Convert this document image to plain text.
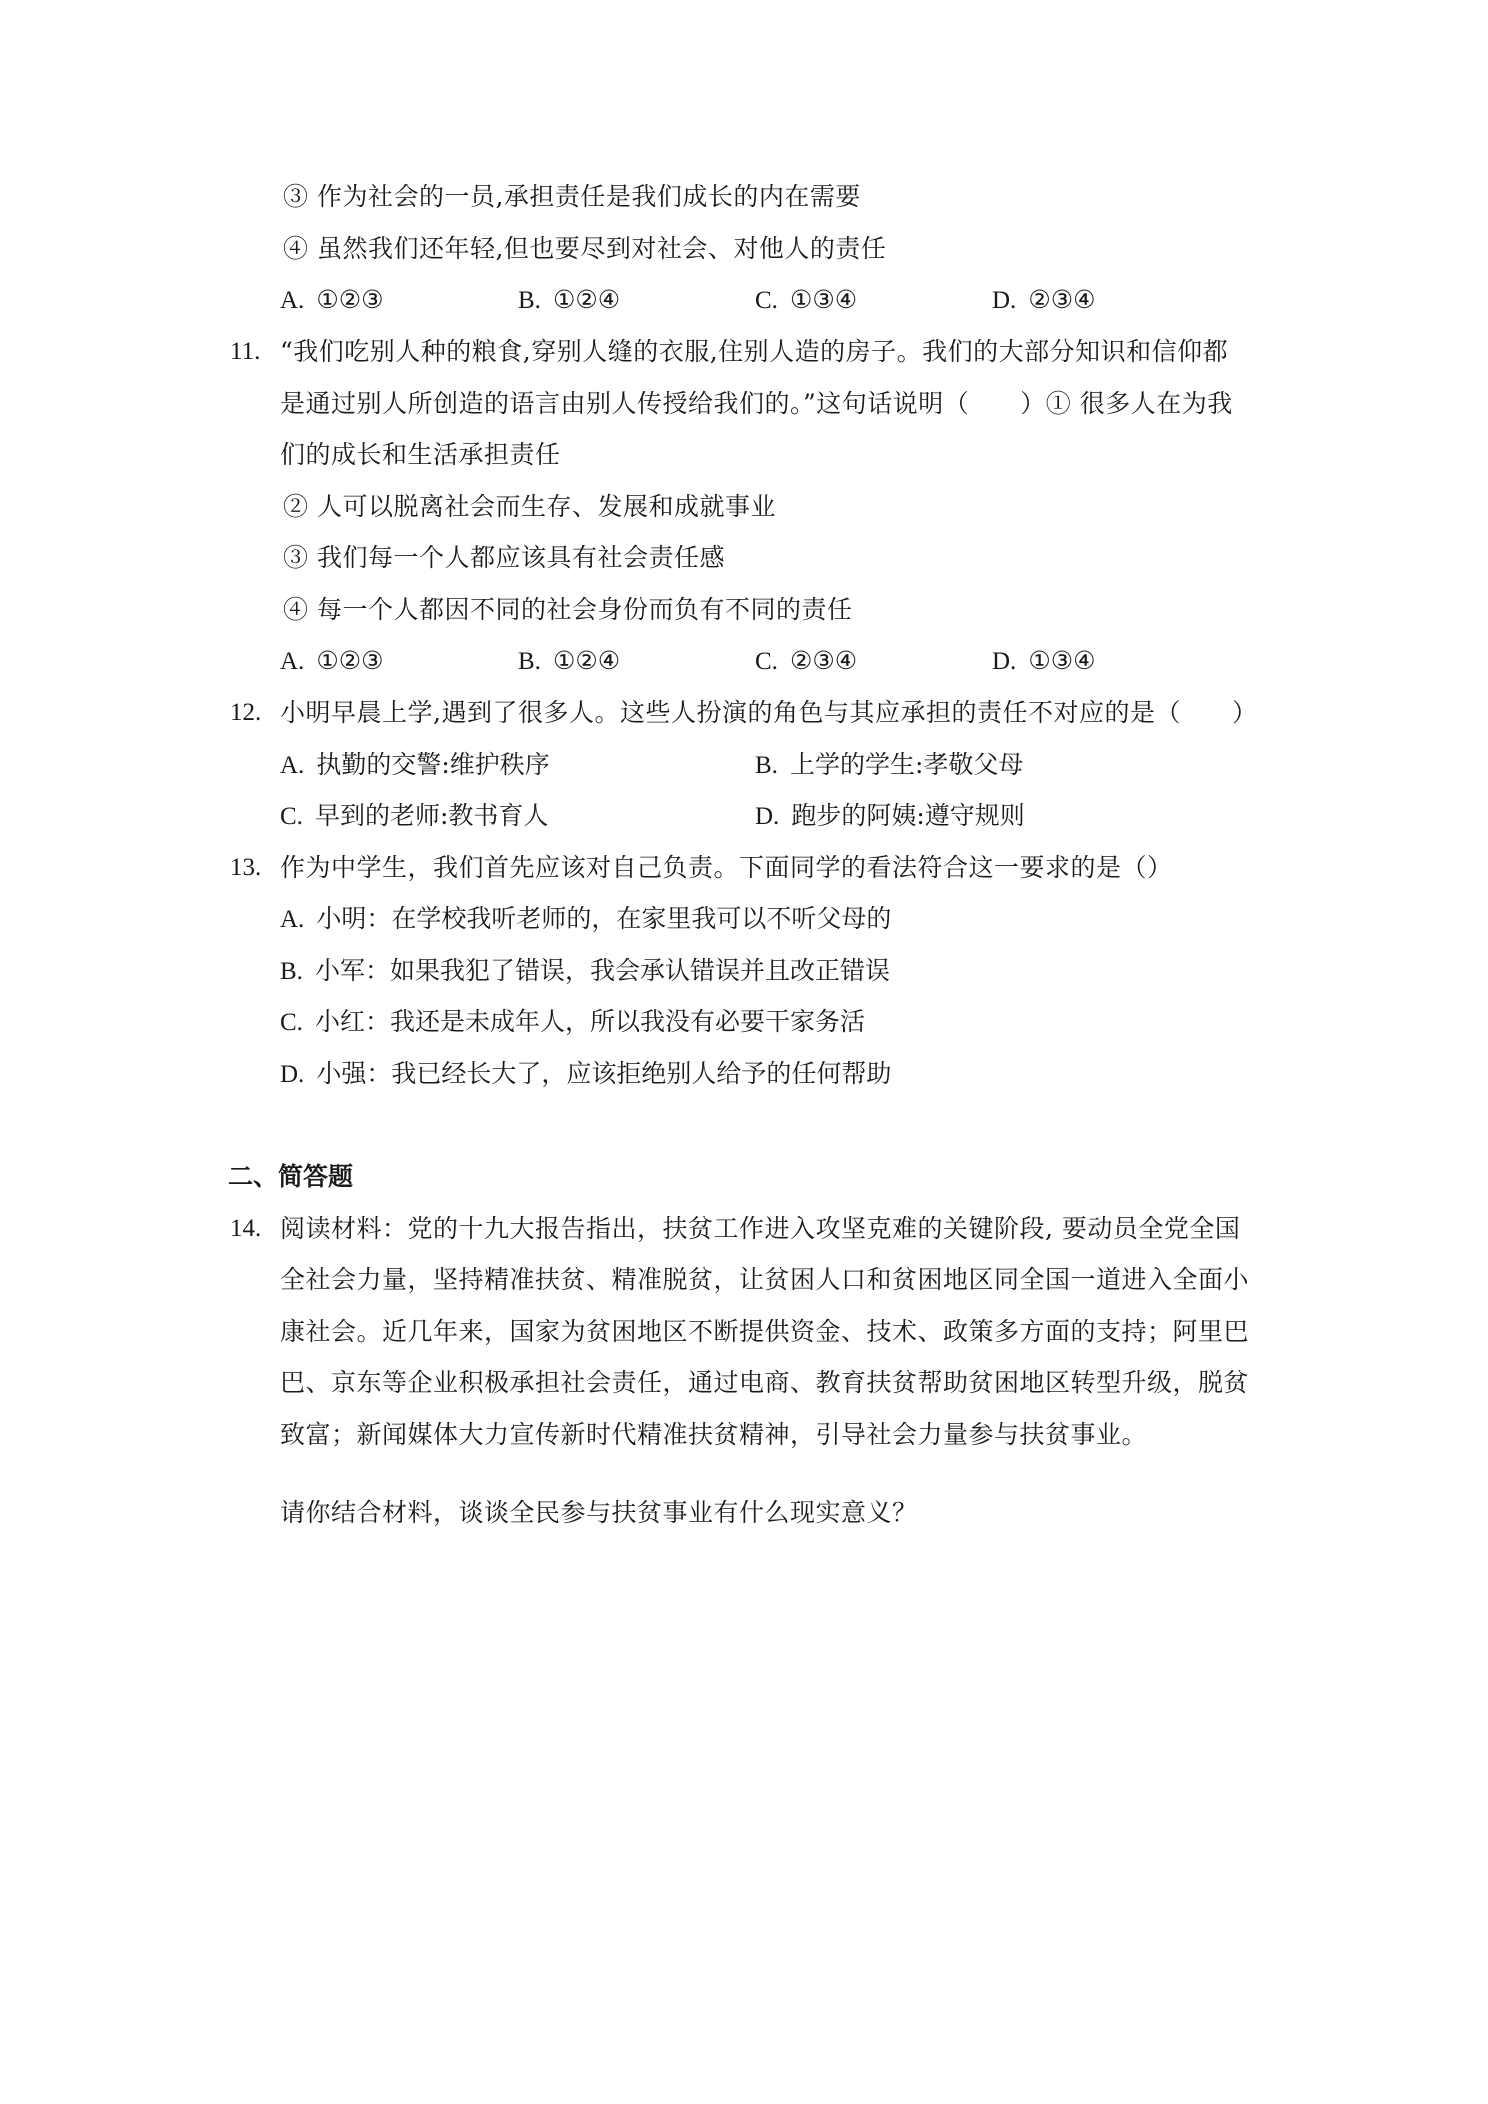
③ 作为社会的一员,承担责任是我们成长的内在需要
④ 虽然我们还年轻,但也要尽到对社会、对他人的责任
A. ①②③	B. ①②④	C. ①③④	D. ②③④
11. “我们吃别人种的粮食,穿别人缝的衣服,住别人造的房子。我们的大部分知识和信仰都
是通过别人所创造的语言由别人传授给我们的。”这句话说明（　　）① 很多人在为我
们的成长和生活承担责任
② 人可以脱离社会而生存、发展和成就事业
③ 我们每一个人都应该具有社会责任感
④ 每一个人都因不同的社会身份而负有不同的责任
A. ①②③	B. ①②④	C. ②③④	D. ①③④
12. 小明早晨上学,遇到了很多人。这些人扮演的角色与其应承担的责任不对应的是（　　）
A. 执勤的交警:维护秩序	B. 上学的学生:孝敬父母
C. 早到的老师:教书育人	D. 跑步的阿姨:遵守规则
13. 作为中学生，我们首先应该对自己负责。下面同学的看法符合这一要求的是（）
A. 小明：在学校我听老师的，在家里我可以不听父母的
B. 小军：如果我犯了错误，我会承认错误并且改正错误
C. 小红：我还是未成年人，所以我没有必要干家务活
D. 小强：我已经长大了，应该拒绝别人给予的任何帮助
二、简答题
14. 阅读材料：党的十九大报告指出，扶贫工作进入攻坚克难的关键阶段, 要动员全党全国
全社会力量，坚持精准扶贫、精准脱贫，让贫困人口和贫困地区同全国一道进入全面小
康社会。近几年来，国家为贫困地区不断提供资金、技术、政策多方面的支持；阿里巴
巴、京东等企业积极承担社会责任，通过电商、教育扶贫帮助贫困地区转型升级，脱贫
致富；新闻媒体大力宣传新时代精准扶贫精神，引导社会力量参与扶贫事业。
请你结合材料，谈谈全民参与扶贫事业有什么现实意义？
